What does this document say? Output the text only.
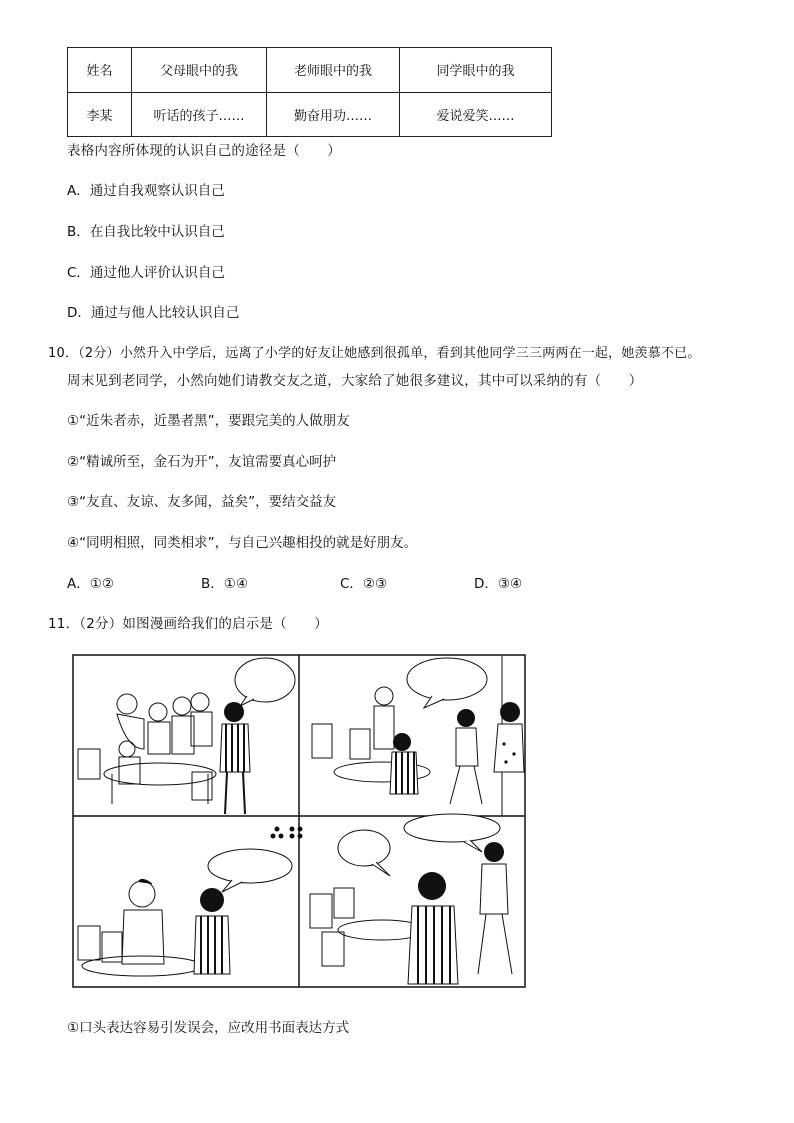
姓名	父母眼中的我	老师眼中的我	同学眼中的我
李某	听话的孩子……	勤奋用功……	爱说爱笑……
表格内容所体现的认识自己的途径是（　　）
A．通过自我观察认识自己
B．在自我比较中认识自己
C．通过他人评价认识自己
D．通过与他人比较认识自己
10．（2分）小然升入中学后，远离了小学的好友让她感到很孤单，看到其他同学三三两两在一起，她羡慕不已。
周末见到老同学，小然向她们请教交友之道，大家给了她很多建议，其中可以采纳的有（　　）
①“近朱者赤，近墨者黑”，要跟完美的人做朋友
②“精诚所至，金石为开”，友谊需要真心呵护
③“友直、友谅、友多闻，益矣”，要结交益友
④“同明相照，同类相求”，与自己兴趣相投的就是好朋友。
A．①②	B．①④	C．②③	D．③④
11．（2分）如图漫画给我们的启示是（　　）
①口头表达容易引发误会，应改用书面表达方式
